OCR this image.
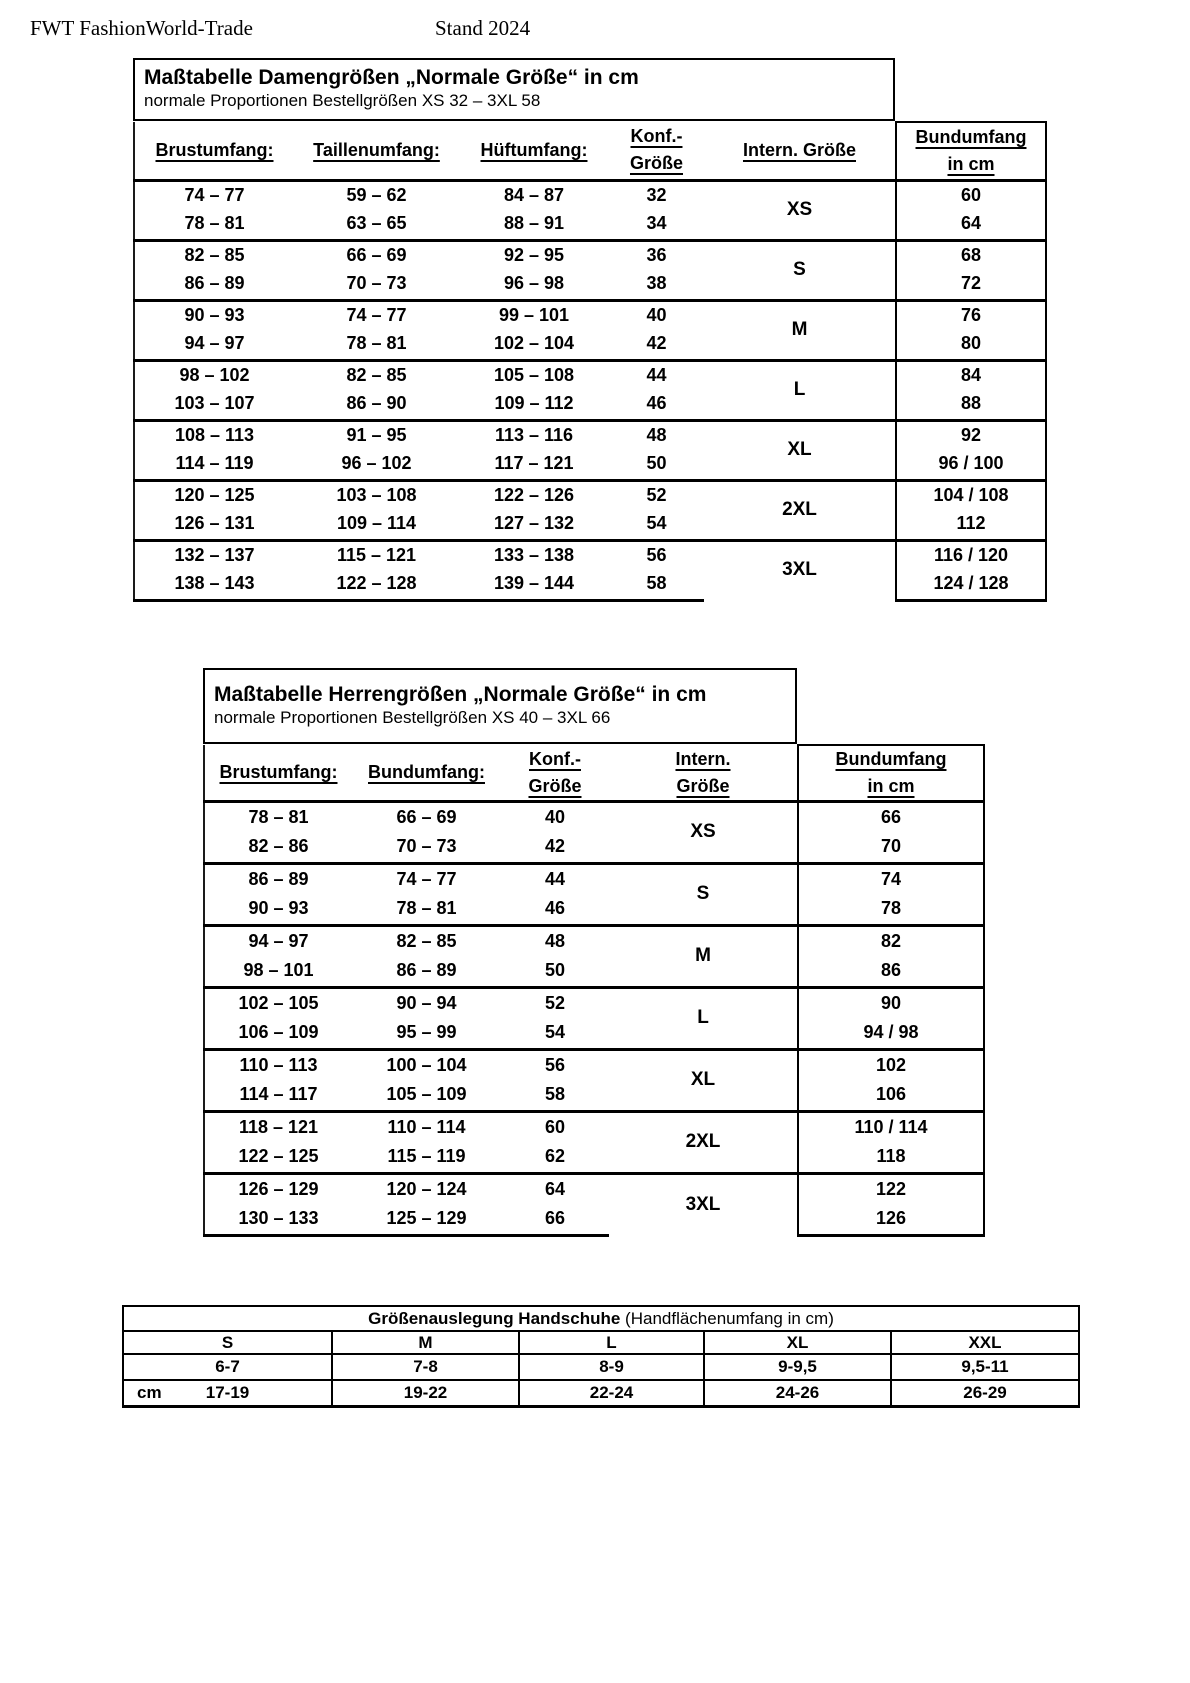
FWT FashionWorld-Trade	Stand 2024
Maßtabelle Damengrößen „Normale Größe“ in cm
normale Proportionen Bestellgrößen XS 32 – 3XL 58
Brustumfang:	Taillenumfang:	Hüftumfang:	Konf.-
Größe	Intern. Größe	Bundumfang
in cm

74 – 77	59 – 62	84 – 87	32	XS	60
78 – 81	63 – 65	88 – 91	34		64
82 – 85	66 – 69	92 – 95	36	S	68
86 – 89	70 – 73	96 – 98	38		72
90 – 93	74 – 77	99 – 101	40	M	76
94 – 97	78 – 81	102 – 104	42		80
98 – 102	82 – 85	105 – 108	44	L	84
103 – 107	86 – 90	109 – 112	46		88
108 – 113	91 – 95	113 – 116	48	XL	92
114 – 119	96 – 102	117 – 121	50		96 / 100
120 – 125	103 – 108	122 – 126	52	2XL	104 / 108
126 – 131	109 – 114	127 – 132	54		112
132 – 137	115 – 121	133 – 138	56	3XL	116 / 120
138 – 143	122 – 128	139 – 144	58		124 / 128
Maßtabelle Herrengrößen „Normale Größe“ in cm
normale Proportionen Bestellgrößen XS 40 – 3XL 66
Brustumfang:	Bundumfang:	Konf.-
Größe	Intern.
Größe	Bundumfang
in cm

78 – 81	66 – 69	40	XS	66
82 – 86	70 – 73	42		70
86 – 89	74 – 77	44	S	74
90 – 93	78 – 81	46		78
94 – 97	82 – 85	48	M	82
98 – 101	86 – 89	50		86
102 – 105	90 – 94	52	L	90
106 – 109	95 – 99	54		94 / 98
110 – 113	100 – 104	56	XL	102
114 – 117	105 – 109	58		106
118 – 121	110 – 114	60	2XL	110 / 114
122 – 125	115 – 119	62		118
126 – 129	120 – 124	64	3XL	122
130 – 133	125 – 129	66		126
Größenauslegung Handschuhe (Handflächenumfang in cm)				
S	M	L	XL	XXL
6-7	7-8	8-9	9-9,5	9,5-11

cm 17-19	19-22	22-24	24-26	26-29
